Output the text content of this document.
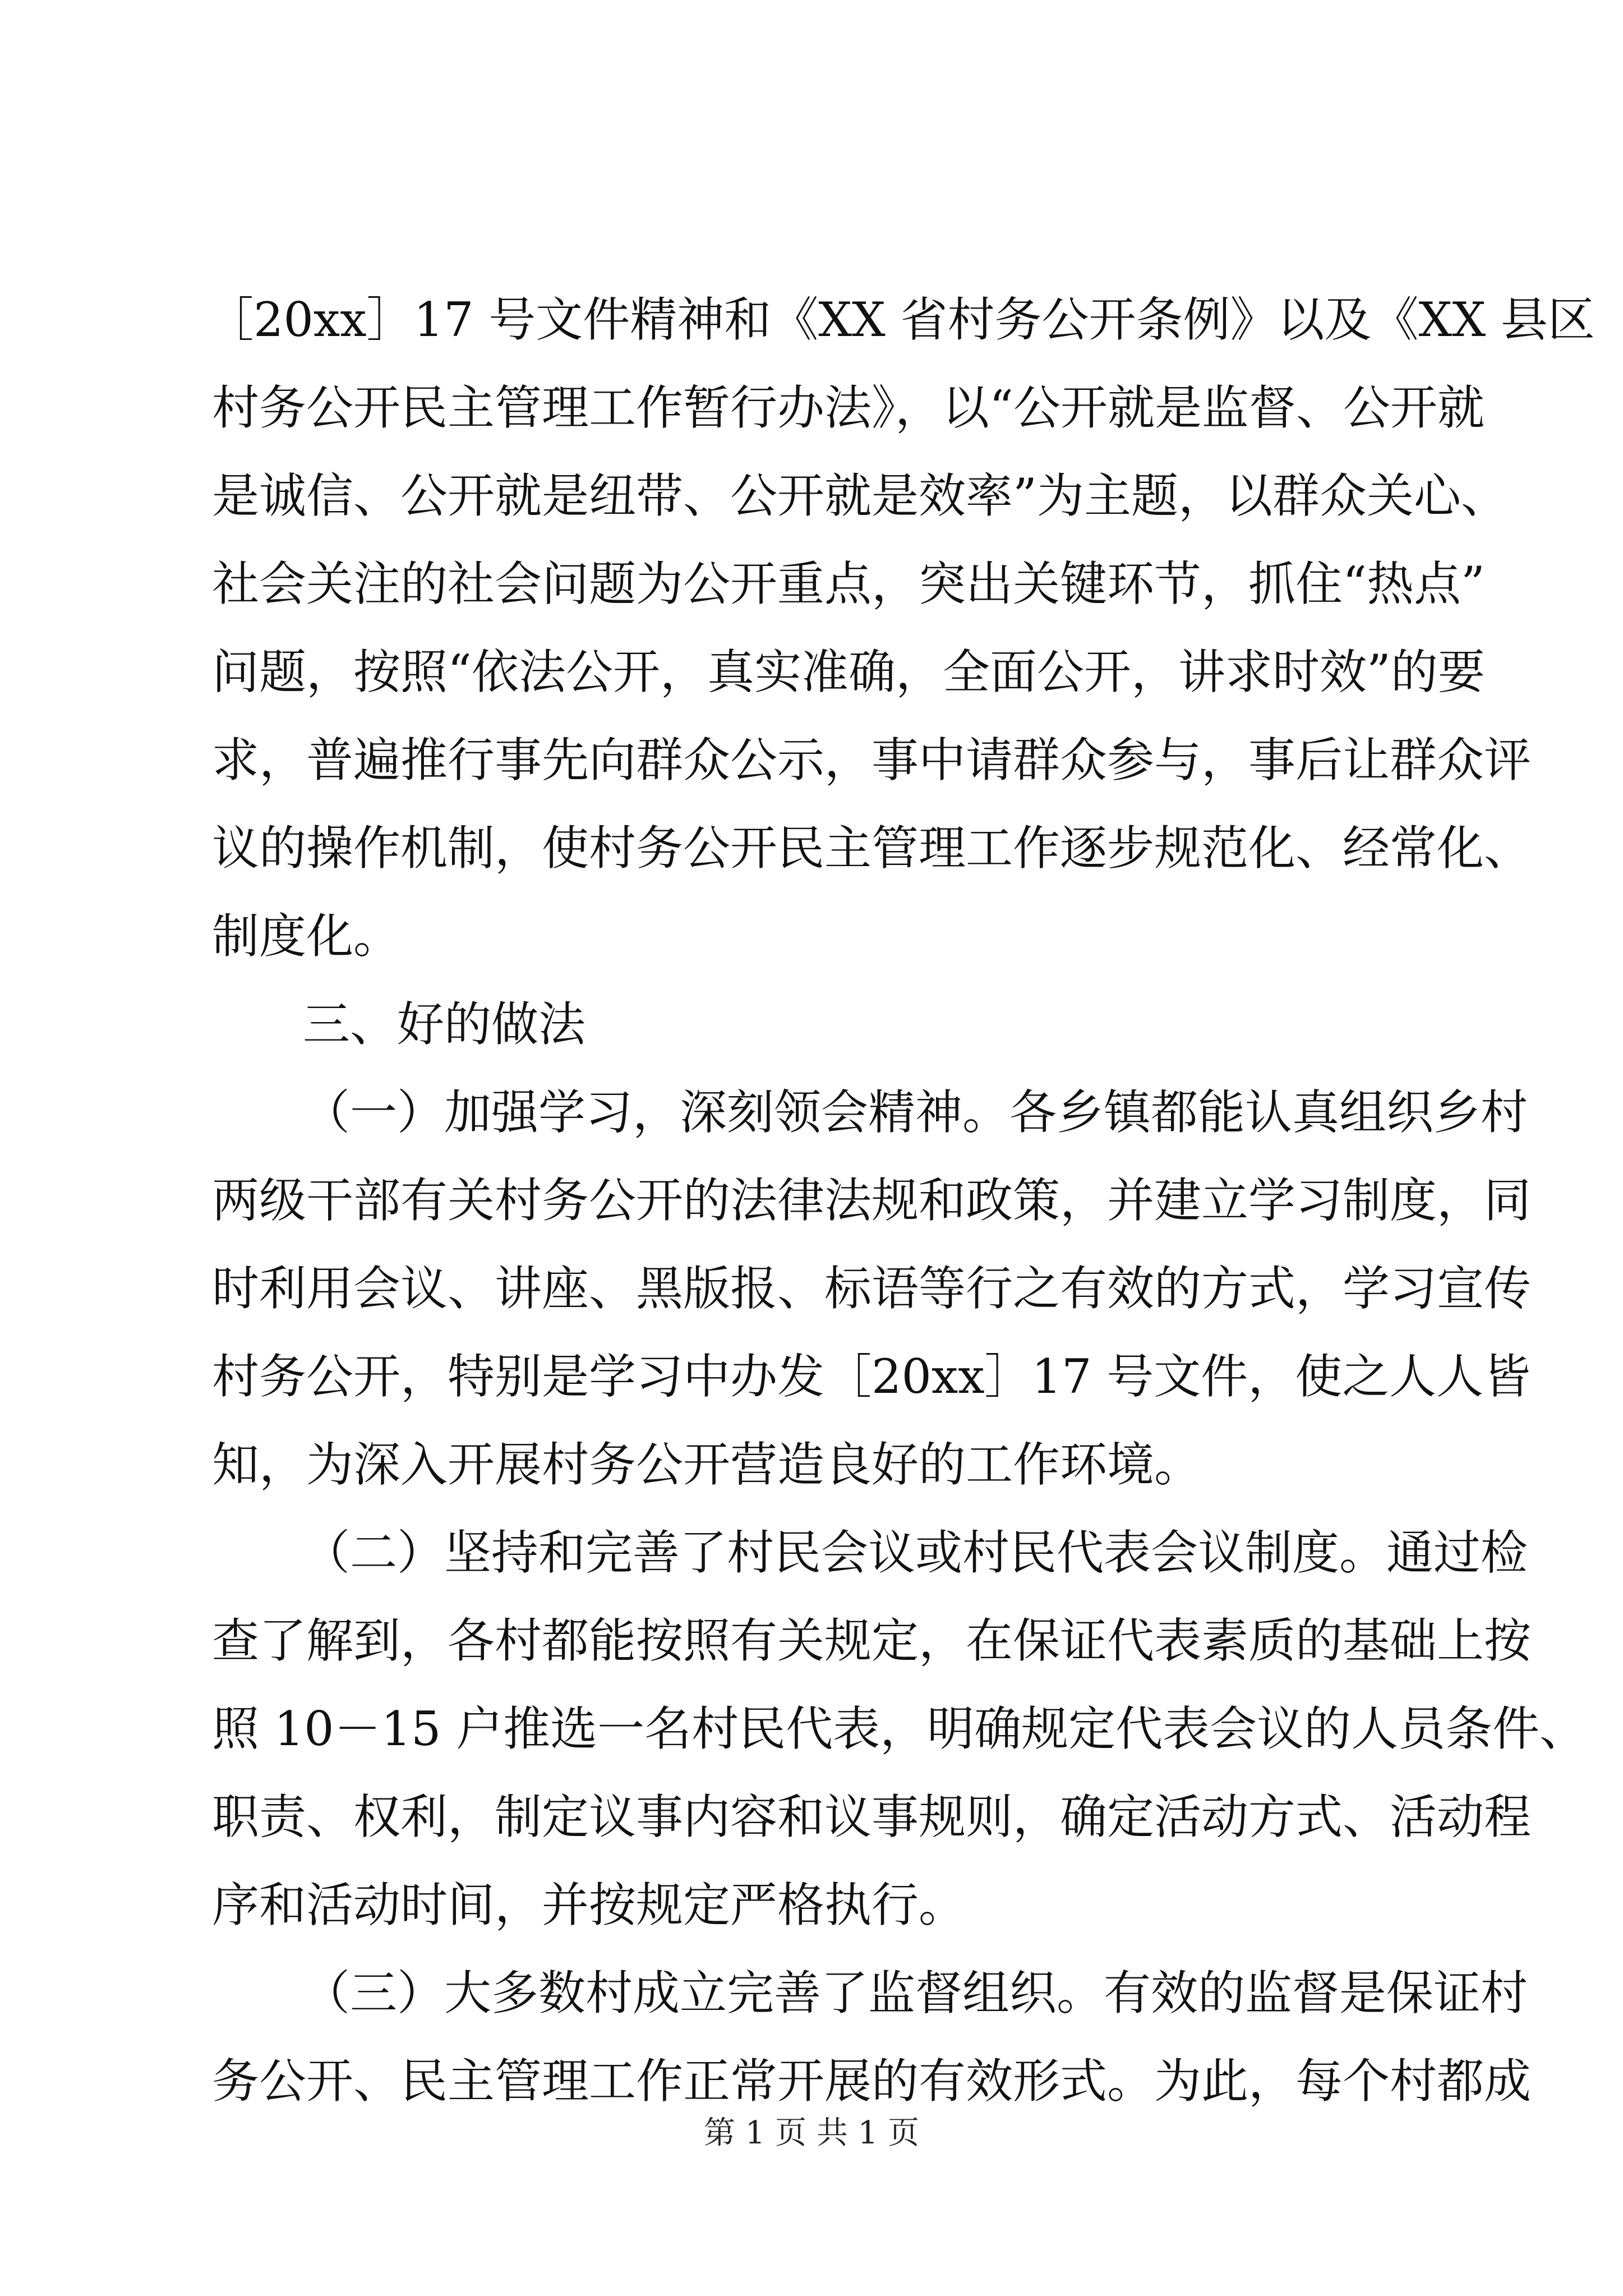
［20xx］17 号文件精神和《XX 省村务公开条例》以及《XX 县区
村务公开民主管理工作暂行办法》，以“公开就是监督、公开就
是诚信、公开就是纽带、公开就是效率”为主题，以群众关心、
社会关注的社会问题为公开重点，突出关键环节，抓住“热点”
问题，按照“依法公开，真实准确，全面公开，讲求时效”的要
求，普遍推行事先向群众公示，事中请群众参与，事后让群众评
议的操作机制，使村务公开民主管理工作逐步规范化、经常化、
制度化。
三、好的做法
（一）加强学习，深刻领会精神。各乡镇都能认真组织乡村
两级干部有关村务公开的法律法规和政策，并建立学习制度，同
时利用会议、讲座、黑版报、标语等行之有效的方式，学习宣传
村务公开，特别是学习中办发［20xx］17 号文件，使之人人皆
知，为深入开展村务公开营造良好的工作环境。
（二）坚持和完善了村民会议或村民代表会议制度。通过检
查了解到，各村都能按照有关规定，在保证代表素质的基础上按
照 10－15 户推选一名村民代表，明确规定代表会议的人员条件、
职责、权利，制定议事内容和议事规则，确定活动方式、活动程
序和活动时间，并按规定严格执行。
（三）大多数村成立完善了监督组织。有效的监督是保证村
务公开、民主管理工作正常开展的有效形式。为此，每个村都成
第 1 页 共 1 页
